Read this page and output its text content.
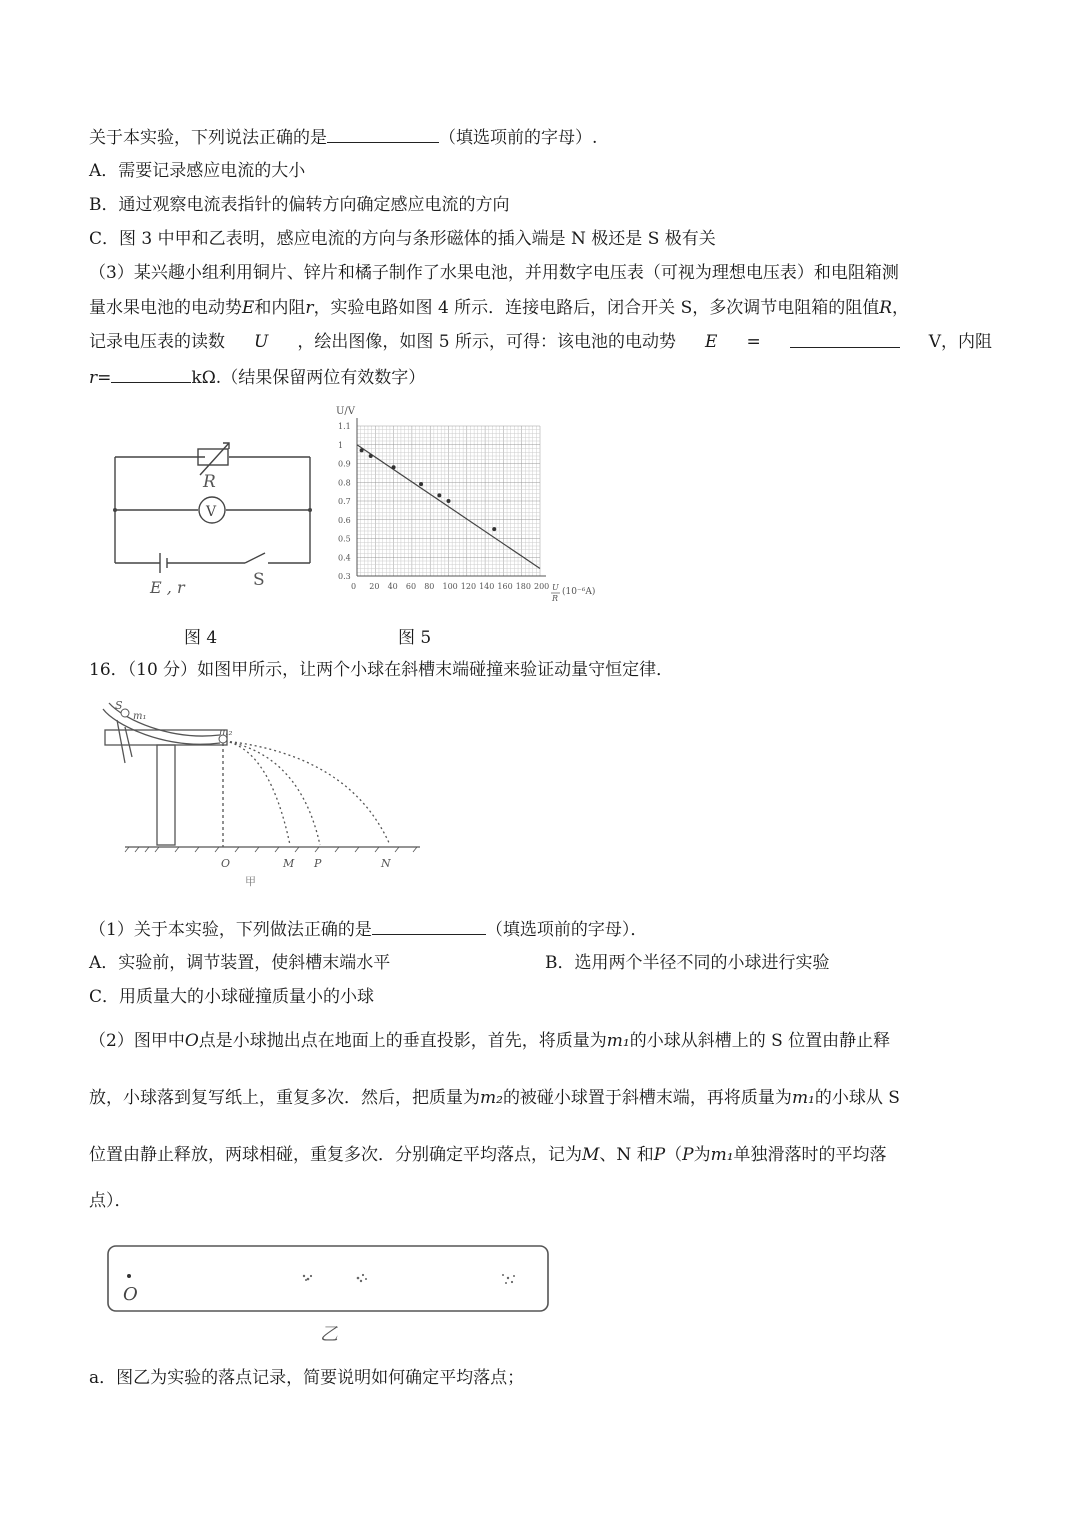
关于本实验，下列说法正确的是	（填选项前的字母）.
A．需要记录感应电流的大小
B．通过观察电流表指针的偏转方向确定感应电流的方向
C．图 3 中甲和乙表明，感应电流的方向与条形磁体的插入端是 N 极还是 S 极有关
（3）某兴趣小组利用铜片、锌片和橘子制作了水果电池，并用数字电压表（可视为理想电压表）和电阻箱测
量水果电池的电动势E和内阻r，实验电路如图 4 所示．连接电路后，闭合开关 S，多次调节电阻箱的阻值R，
记录电压表的读数 U ，绘出图像，如图 5 所示，可得：该电池的电动势 E =	V，内阻
r=	kΩ.（结果保留两位有效数字）
R
V
E , r	S	0 20 40 60 80 100 120 140 160 180 200
0.3
0.4
0.5
0.6
0.7
0.8
0.9
1
1.1
U/V
U
R
(10⁻⁶A)
图 4	图 5
16．（10 分）如图甲所示，让两个小球在斜槽末端碰撞来验证动量守恒定律．
S
m₁
m₂
O	M P	N
甲
（1）关于本实验，下列做法正确的是	（填选项前的字母）．
A．实验前，调节装置，使斜槽末端水平	B．选用两个半径不同的小球进行实验
C．用质量大的小球碰撞质量小的小球
（2）图甲中O点是小球抛出点在地面上的垂直投影，首先，将质量为m₁的小球从斜槽上的 S 位置由静止释
放，小球落到复写纸上，重复多次．然后，把质量为m₂的被碰小球置于斜槽末端，再将质量为m₁的小球从 S
位置由静止释放，两球相碰，重复多次．分别确定平均落点，记为M、N 和P（P为m₁单独滑落时的平均落
点）．
O
乙
a．图乙为实验的落点记录，简要说明如何确定平均落点；
